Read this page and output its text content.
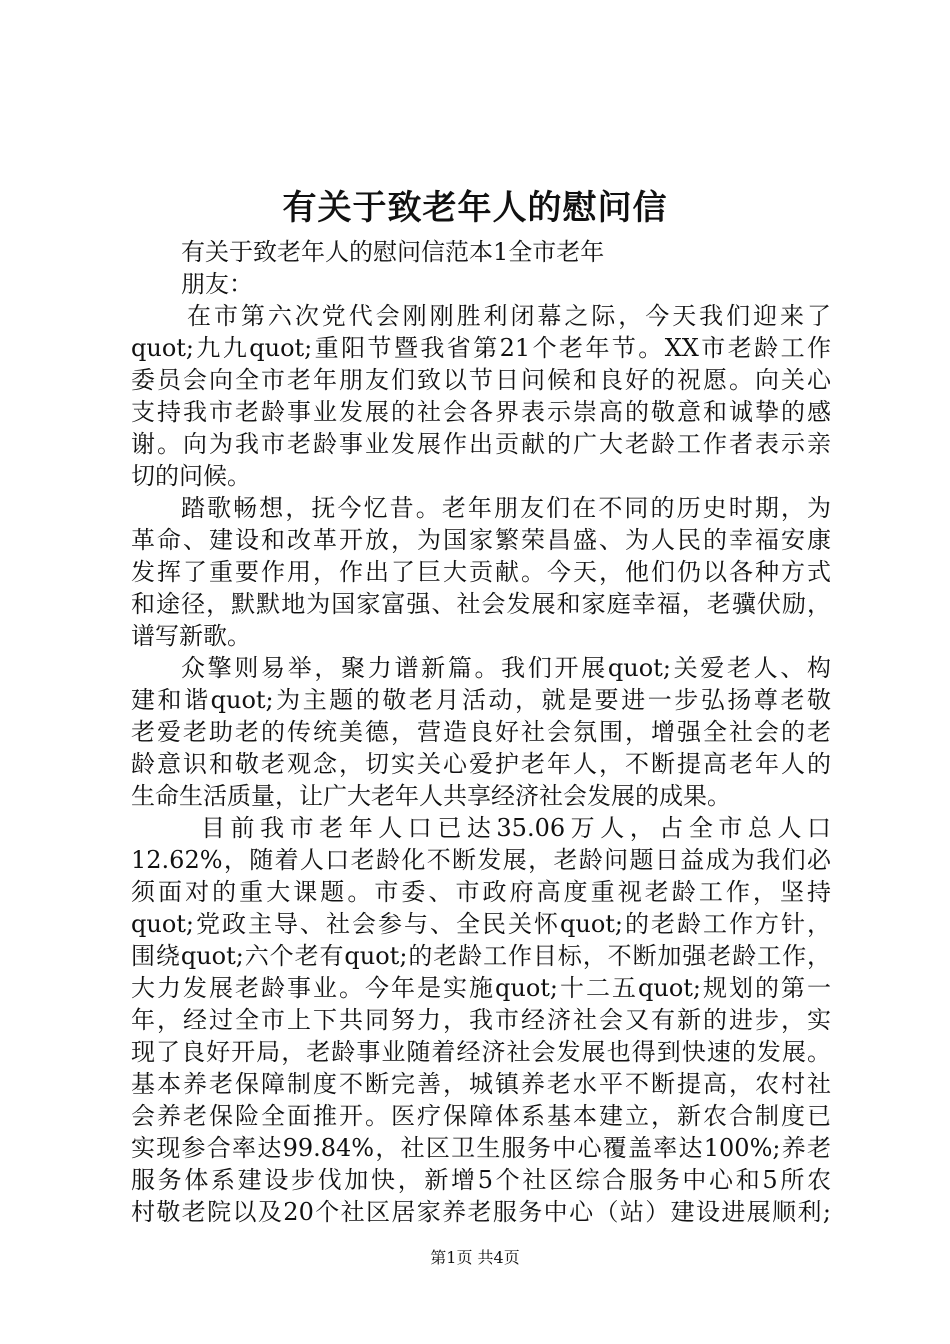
有关于致老年人的慰问信
有关于致老年人的慰问信范本1全市老年
朋友：
在市第六次党代会刚刚胜利闭幕之际，今天我们迎来了
quot;九九quot;重阳节暨我省第21个老年节。XX市老龄工作
委员会向全市老年朋友们致以节日问候和良好的祝愿。向关心
支持我市老龄事业发展的社会各界表示崇高的敬意和诚挚的感
谢。向为我市老龄事业发展作出贡献的广大老龄工作者表示亲
切的问候。
踏歌畅想，抚今忆昔。老年朋友们在不同的历史时期，为
革命、建设和改革开放，为国家繁荣昌盛、为人民的幸福安康
发挥了重要作用，作出了巨大贡献。今天，他们仍以各种方式
和途径，默默地为国家富强、社会发展和家庭幸福，老骥伏励，
谱写新歌。
众擎则易举，聚力谱新篇。我们开展quot;关爱老人、构
建和谐quot;为主题的敬老月活动，就是要进一步弘扬尊老敬
老爱老助老的传统美德，营造良好社会氛围，增强全社会的老
龄意识和敬老观念，切实关心爱护老年人，不断提高老年人的
生命生活质量，让广大老年人共享经济社会发展的成果。
目前我市老年人口已达35.06万人，占全市总人口
12.62%，随着人口老龄化不断发展，老龄问题日益成为我们必
须面对的重大课题。市委、市政府高度重视老龄工作，坚持
quot;党政主导、社会参与、全民关怀quot;的老龄工作方针，
围绕quot;六个老有quot;的老龄工作目标，不断加强老龄工作，
大力发展老龄事业。今年是实施quot;十二五quot;规划的第一
年，经过全市上下共同努力，我市经济社会又有新的进步，实
现了良好开局，老龄事业随着经济社会发展也得到快速的发展。
基本养老保障制度不断完善，城镇养老水平不断提高，农村社
会养老保险全面推开。医疗保障体系基本建立，新农合制度已
实现参合率达99.84%，社区卫生服务中心覆盖率达100%;养老
服务体系建设步伐加快，新增5个社区综合服务中心和5所农
村敬老院以及20个社区居家养老服务中心（站）建设进展顺利;
第1页 共4页
